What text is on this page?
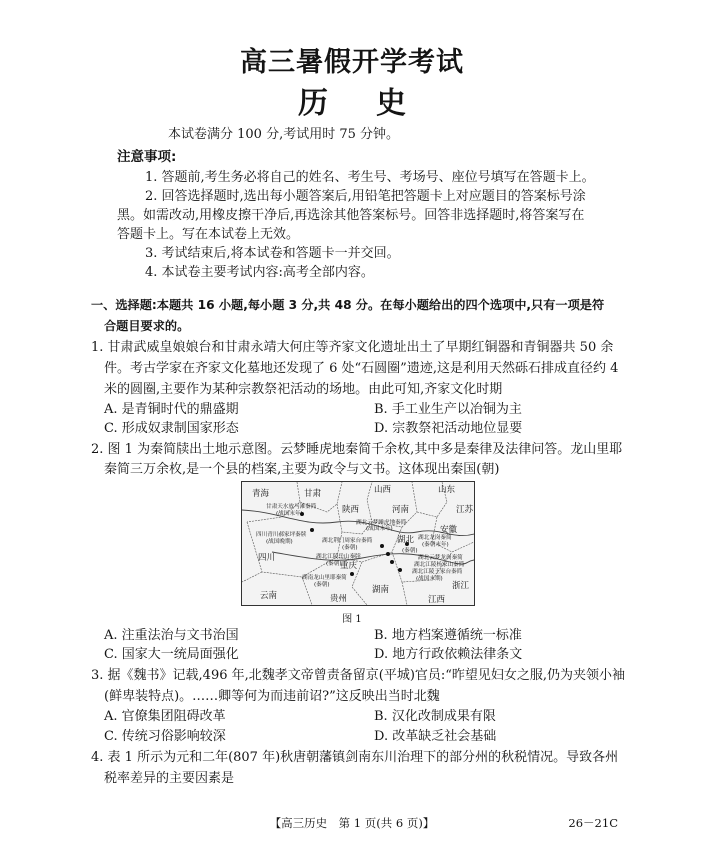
高三暑假开学考试
历 史
本试卷满分 100 分,考试用时 75 分钟。
注意事项:
1. 答题前,考生务必将自己的姓名、考生号、考场号、座位号填写在答题卡上。
2. 回答选择题时,选出每小题答案后,用铅笔把答题卡上对应题目的答案标号涂
黑。如需改动,用橡皮擦干净后,再选涂其他答案标号。回答非选择题时,将答案写在
答题卡上。写在本试卷上无效。
3. 考试结束后,将本试卷和答题卡一并交回。
4. 本试卷主要考试内容:高考全部内容。
一、选择题:本题共 16 小题,每小题 3 分,共 48 分。在每小题给出的四个选项中,只有一项是符
合题目要求的。
1. 甘肃武威皇娘娘台和甘肃永靖大何庄等齐家文化遗址出土了早期红铜器和青铜器共 50 余
件。考古学家在齐家文化墓地还发现了 6 处“石圆圈”遗迹,这是利用天然砾石排成直径约 4
米的圆圈,主要作为某种宗教祭祀活动的场地。由此可知,齐家文化时期
A. 是青铜时代的鼎盛期	B. 手工业生产以冶铜为主
C. 形成奴隶制国家形态	D. 宗教祭祀活动地位显要
2. 图 1 为秦简牍出土地示意图。云梦睡虎地秦简千余枚,其中多是秦律及法律问答。龙山里耶
秦简三万余枚,是一个县的档案,主要为政令与文书。这体现出秦国(朝)
青海	甘肃	山西	山东
陕西	河南	江苏
安徽
湖北
四川
重庆
湖南
江西
云南	贵州
浙江
甘肃天水放马滩秦简
(战国末年)
湖北云梦睡虎地秦简
(战国末年)
四川青川郝家坪秦牍
(战国晚期)	湖北荆门周家台秦简
(秦朝)
湖北江陵岳山秦牍
(秦朝)
湖北龙岗秦简
(秦朝末年)
湖北云梦龙岗秦简
湖南龙山里耶秦简
(秦朝)
湖北江陵王家台秦简
(战国末期)
湖北江陵杨家山秦简
(秦朝)
图 1
A. 注重法治与文书治国	B. 地方档案遵循统一标准
C. 国家大一统局面强化	D. 地方行政依赖法律条文
3. 据《魏书》记载,496 年,北魏孝文帝曾责备留京(平城)官员:“昨望见妇女之服,仍为夹领小袖
(鲜卑装特点)。……卿等何为而违前诏?”这反映出当时北魏
A. 官僚集团阻碍改革	B. 汉化改制成果有限
C. 传统习俗影响较深	D. 改革缺乏社会基础
4. 表 1 所示为元和二年(807 年)秋唐朝藩镇剑南东川治理下的部分州的秋税情况。导致各州
税率差异的主要因素是
【高三历史　第 1 页(共 6 页)】	26－21C
